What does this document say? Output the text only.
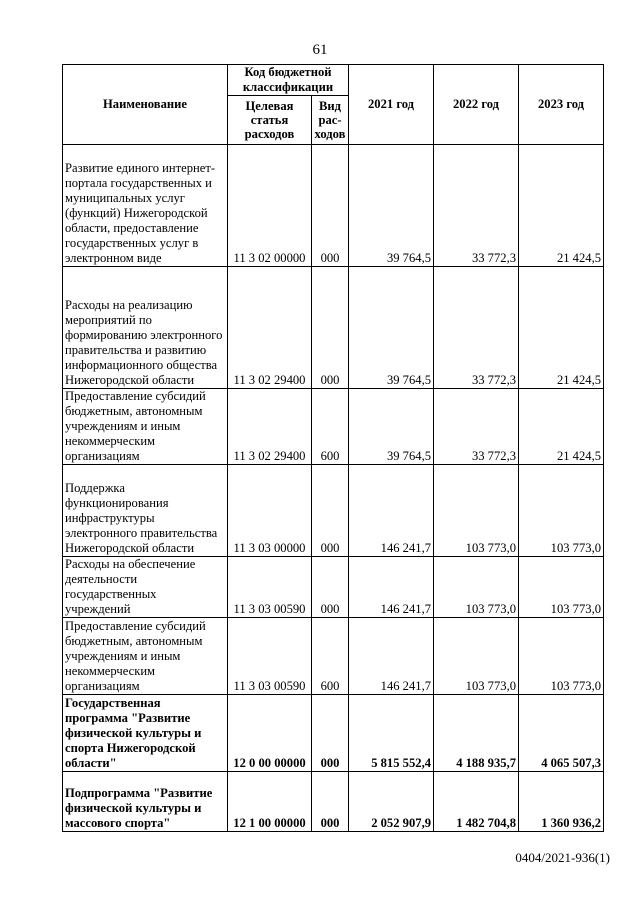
61
Наименование	Код бюджетной классификации		2021 год	2022 год	2023 год
	Целевая статья расходов	Вид рас-ходов			
Развитие единого интернет-портала государственных и муниципальных услуг (функций) Нижегородской области, предоставление государственных услуг в электронном виде	11 3 02 00000	000	39 764,5	33 772,3	21 424,5
Расходы на реализацию мероприятий по формированию электронного правительства и развитию информационного общества Нижегородской области	11 3 02 29400	000	39 764,5	33 772,3	21 424,5
Предоставление субсидий бюджетным, автономным учреждениям и иным некоммерческим организациям	11 3 02 29400	600	39 764,5	33 772,3	21 424,5
Поддержка функционирования инфраструктуры электронного правительства Нижегородской области	11 3 03 00000	000	146 241,7	103 773,0	103 773,0
Расходы на обеспечение деятельности государственных учреждений	11 3 03 00590	000	146 241,7	103 773,0	103 773,0
Предоставление субсидий бюджетным, автономным учреждениям и иным некоммерческим организациям	11 3 03 00590	600	146 241,7	103 773,0	103 773,0
Государственная программа "Развитие физической культуры и спорта Нижегородской области"	12 0 00 00000	000	5 815 552,4	4 188 935,7	4 065 507,3
Подпрограмма "Развитие физической культуры и массового спорта"	12 1 00 00000	000	2 052 907,9	1 482 704,8	1 360 936,2
0404/2021-936(1)
